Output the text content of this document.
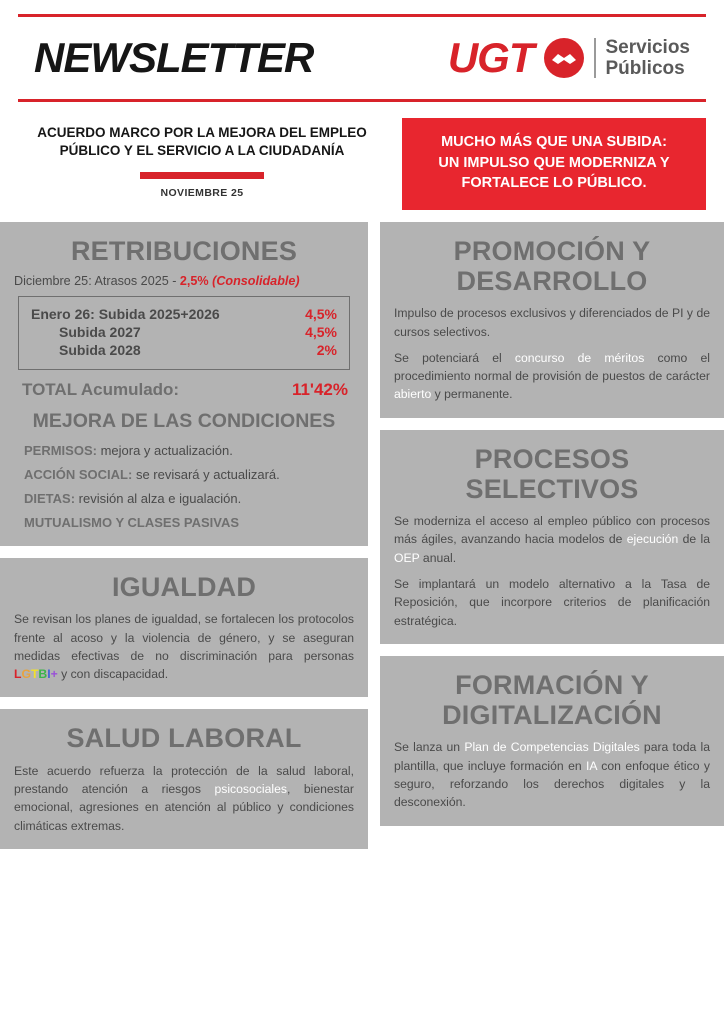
NEWSLETTER	UGT	Servicios
Públicos
ACUERDO MARCO POR LA MEJORA DEL EMPLEO
PÚBLICO Y EL SERVICIO A LA CIUDADANÍA
NOVIEMBRE 25
MUCHO MÁS QUE UNA SUBIDA:
UN IMPULSO QUE MODERNIZA Y
FORTALECE LO PÚBLICO.
RETRIBUCIONES
Diciembre 25: Atrasos 2025 - 2,5% (Consolidable)
Enero 26: Subida 2025+2026	4,5%
Subida 2027	4,5%
Subida 2028	2%
TOTAL Acumulado:	11'42%
MEJORA DE LAS CONDICIONES
PERMISOS: mejora y actualización.
ACCIÓN SOCIAL: se revisará y actualizará.
DIETAS: revisión al alza e igualación.
MUTUALISMO Y CLASES PASIVAS
IGUALDAD

Se revisan los planes de igualdad, se fortalecen los protocolos frente al acoso y la violencia de género, y se aseguran medidas efectivas de no discriminación para personas LGTBI+ y con discapacidad.

SALUD LABORAL

Este acuerdo refuerza la protección de la salud laboral, prestando atención a riesgos psicosociales, bienestar emocional, agresiones en atención al público y condiciones climáticas extremas.

PROMOCIÓN Y
DESARROLLO

Impulso de procesos exclusivos y diferenciados de PI y de cursos selectivos.

Se potenciará el concurso de méritos como el procedimiento normal de provisión de puestos de carácter abierto y permanente.

PROCESOS
SELECTIVOS

Se moderniza el acceso al empleo público con procesos más ágiles, avanzando hacia modelos de ejecución de la OEP anual.

Se implantará un modelo alternativo a la Tasa de Reposición, que incorpore criterios de planificación estratégica.

FORMACIÓN Y
DIGITALIZACIÓN

Se lanza un Plan de Competencias Digitales para toda la plantilla, que incluye formación en IA con enfoque ético y seguro, reforzando los derechos digitales y la desconexión.
